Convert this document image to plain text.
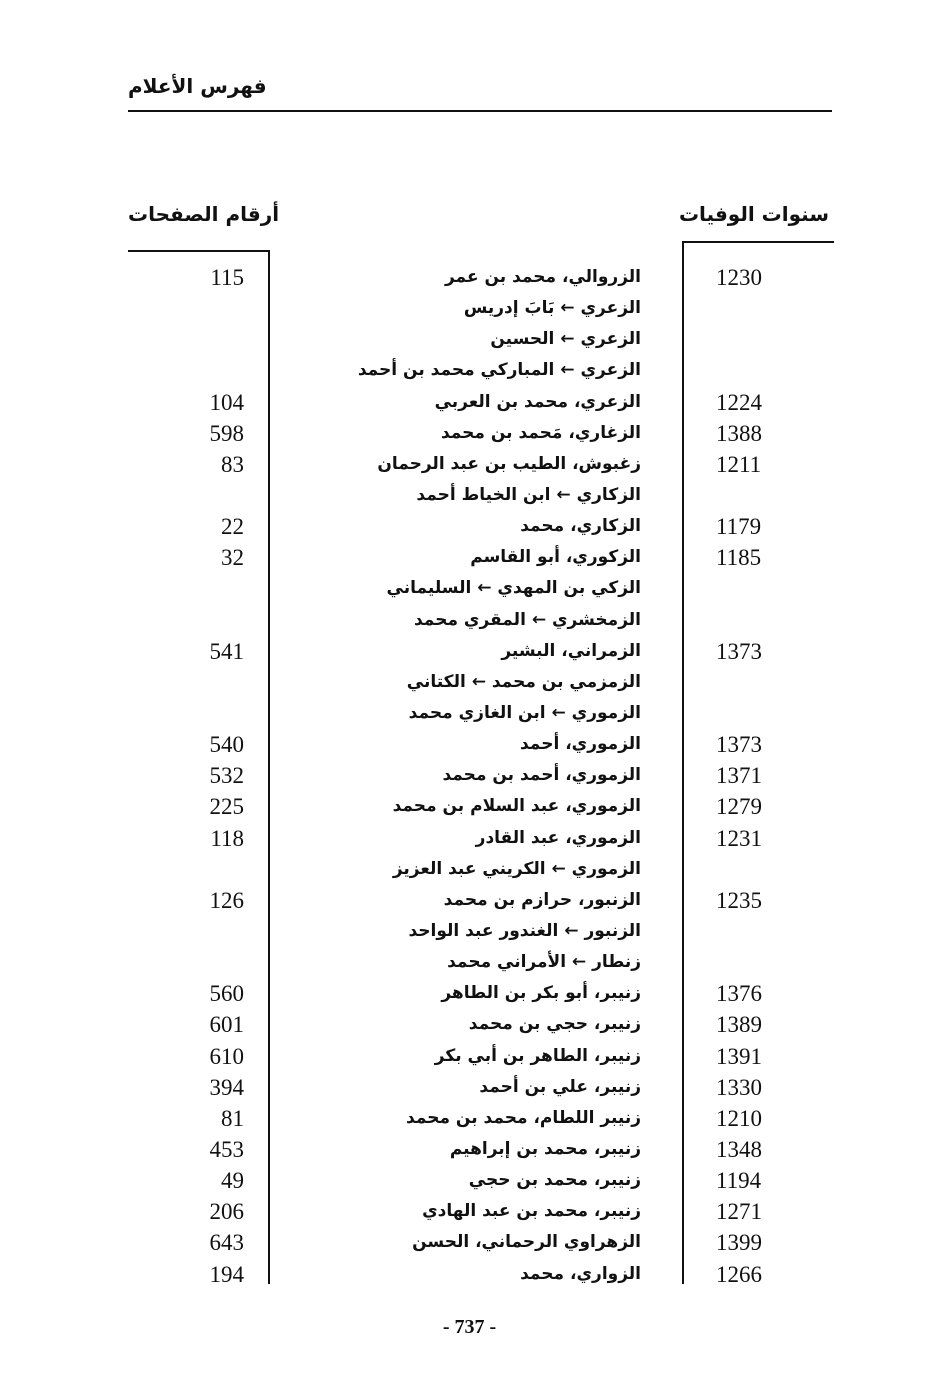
فهرس الأعلام
أرقام الصفحات	سنوات الوفيات
115	الزروالي، محمد بن عمر	1230
الزعري ← بَابَ إدريس
الزعري ← الحسين
الزعري ← المباركي محمد بن أحمد
104	الزعري، محمد بن العربي	1224
598	الزغاري، مَحمد بن محمد	1388
83	زغبوش، الطيب بن عبد الرحمان	1211
الزكاري ← ابن الخياط أحمد
22	الزكاري، محمد	1179
32	الزكوري، أبو القاسم	1185
الزكي بن المهدي ← السليماني
الزمخشري ← المقري محمد
541	الزمراني، البشير	1373
الزمزمي بن محمد ← الكتاني
الزموري ← ابن الغازي محمد
540	الزموري، أحمد	1373
532	الزموري، أحمد بن محمد	1371
225	الزموري، عبد السلام بن محمد	1279
118	الزموري، عبد القادر	1231
الزموري ← الكريني عبد العزيز
126	الزنبور، حرازم بن محمد	1235
الزنبور ← الغندور عبد الواحد
زنطار ← الأمراني محمد
560	زنيبر، أبو بكر بن الطاهر	1376
601	زنيبر، حجي بن محمد	1389
610	زنيبر، الطاهر بن أبي بكر	1391
394	زنيبر، علي بن أحمد	1330
81	زنيبر اللطام، محمد بن محمد	1210
453	زنيبر، محمد بن إبراهيم	1348
49	زنيبر، محمد بن حجي	1194
206	زنيبر، محمد بن عبد الهادي	1271
643	الزهراوي الرحماني، الحسن	1399
194	الزواري، محمد	1266
- 737 -
